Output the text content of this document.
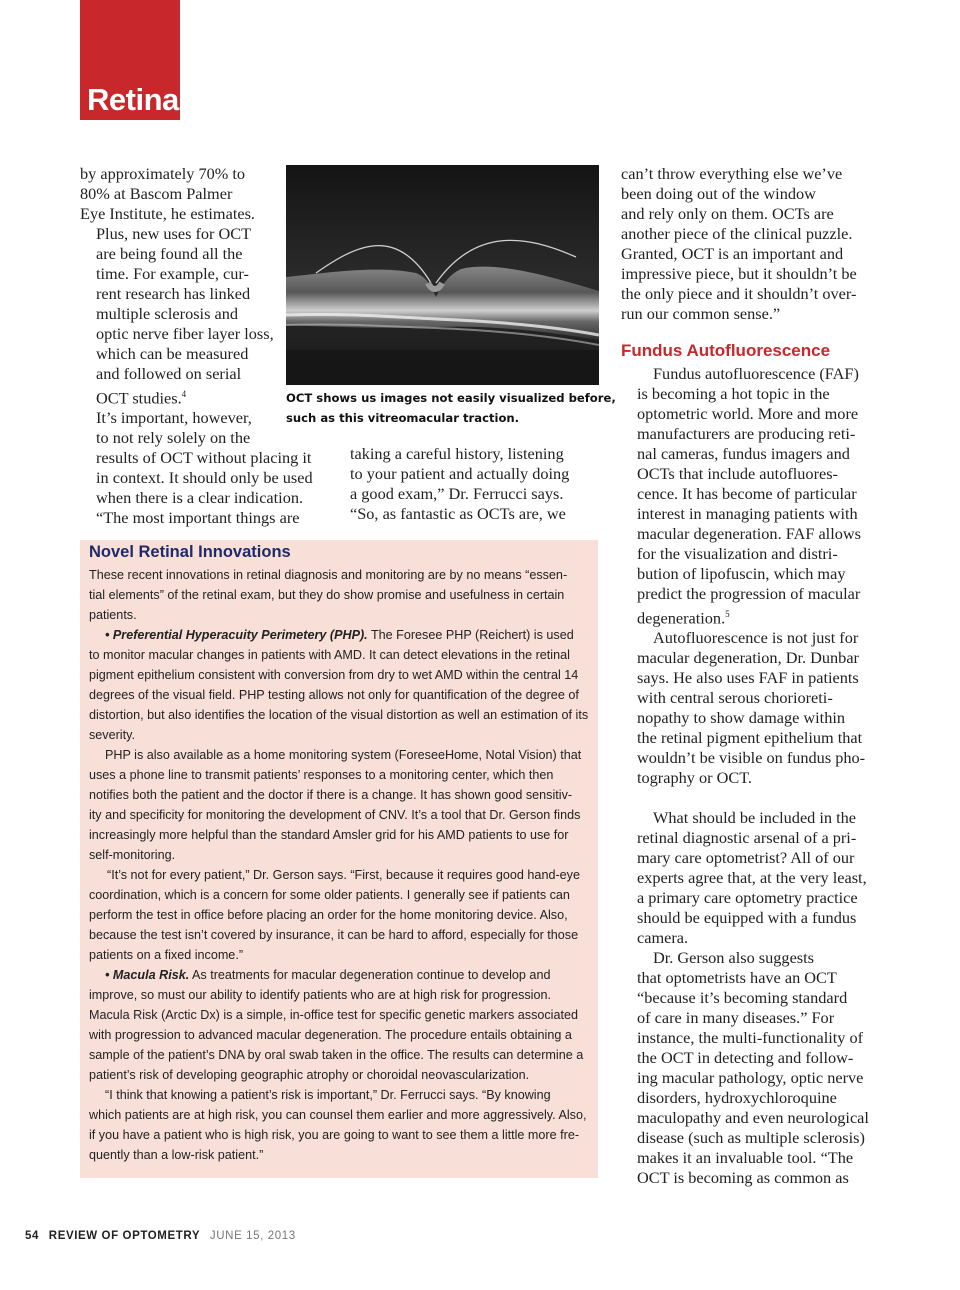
Retina

by approximately 70% to
80% at Bascom Palmer
Eye Institute, he estimates.

Plus, new uses for OCT
are being found all the
time. For example, cur-
rent research has linked
multiple sclerosis and
optic nerve fiber layer loss,
which can be measured
and followed on serial
OCT studies.$^4$

It’s important, however,
to not rely solely on the
results of OCT without placing it
in context. It should only be used
when there is a clear indication.
“The most important things are

OCT shows us images not easily visualized before,
such as this vitreomacular traction.
taking a careful history, listening
to your patient and actually doing
a good exam,” Dr. Ferrucci says.
“So, as fantastic as OCTs are, we
Novel Retinal Innovations

These recent innovations in retinal diagnosis and monitoring are by no means “essen-
tial elements” of the retinal exam, but they do show promise and usefulness in certain
patients.

• Preferential Hyperacuity Perimetery (PHP). The Foresee PHP (Reichert) is used
to monitor macular changes in patients with AMD. It can detect elevations in the retinal
pigment epithelium consistent with conversion from dry to wet AMD within the central 14
degrees of the visual field. PHP testing allows not only for quantification of the degree of
distortion, but also identifies the location of the visual distortion as well an estimation of its
severity.

PHP is also available as a home monitoring system (ForeseeHome, Notal Vision) that
uses a phone line to transmit patients’ responses to a monitoring center, which then
notifies both the patient and the doctor if there is a change. It has shown good sensitiv-
ity and specificity for monitoring the development of CNV. It’s a tool that Dr. Gerson finds
increasingly more helpful than the standard Amsler grid for his AMD patients to use for
self-monitoring.

“It’s not for every patient,” Dr. Gerson says. “First, because it requires good hand-eye
coordination, which is a concern for some older patients. I generally see if patients can
perform the test in office before placing an order for the home monitoring device. Also,
because the test isn’t covered by insurance, it can be hard to afford, especially for those
patients on a fixed income.”

• Macula Risk. As treatments for macular degeneration continue to develop and
improve, so must our ability to identify patients who are at high risk for progression.
Macula Risk (Arctic Dx) is a simple, in-office test for specific genetic markers associated
with progression to advanced macular degeneration. The procedure entails obtaining a
sample of the patient’s DNA by oral swab taken in the office. The results can determine a
patient’s risk of developing geographic atrophy or choroidal neovascularization.

“I think that knowing a patient’s risk is important,” Dr. Ferrucci says. “By knowing
which patients are at high risk, you can counsel them earlier and more aggressively. Also,
if you have a patient who is high risk, you are going to want to see them a little more fre-
quently than a low-risk patient.”

can’t throw everything else we’ve
been doing out of the window
and rely only on them. OCTs are
another piece of the clinical puzzle.
Granted, OCT is an important and
impressive piece, but it shouldn’t be
the only piece and it shouldn’t over-
run our common sense.”

Fundus Autofluorescence

Fundus autofluorescence (FAF)
is becoming a hot topic in the
optometric world. More and more
manufacturers are producing reti-
nal cameras, fundus imagers and
OCTs that include autofluores-
cence. It has become of particular
interest in managing patients with
macular degeneration. FAF allows
for the visualization and distri-
bution of lipofuscin, which may
predict the progression of macular
degeneration.$^5$

Autofluorescence is not just for
macular degeneration, Dr. Dunbar
says. He also uses FAF in patients
with central serous chorioreti-
nopathy to show damage within
the retinal pigment epithelium that
wouldn’t be visible on fundus pho-
tography or OCT.

What should be included in the
retinal diagnostic arsenal of a pri-
mary care optometrist? All of our
experts agree that, at the very least,
a primary care optometry practice
should be equipped with a fundus
camera.

Dr. Gerson also suggests
that optometrists have an OCT
“because it’s becoming standard
of care in many diseases.” For
instance, the multi-functionality of
the OCT in detecting and follow-
ing macular pathology, optic nerve
disorders, hydroxychloroquine
maculopathy and even neurological
disease (such as multiple sclerosis)
makes it an invaluable tool. “The
OCT is becoming as common as

54 REVIEW OF OPTOMETRY JUNE 15, 2013
